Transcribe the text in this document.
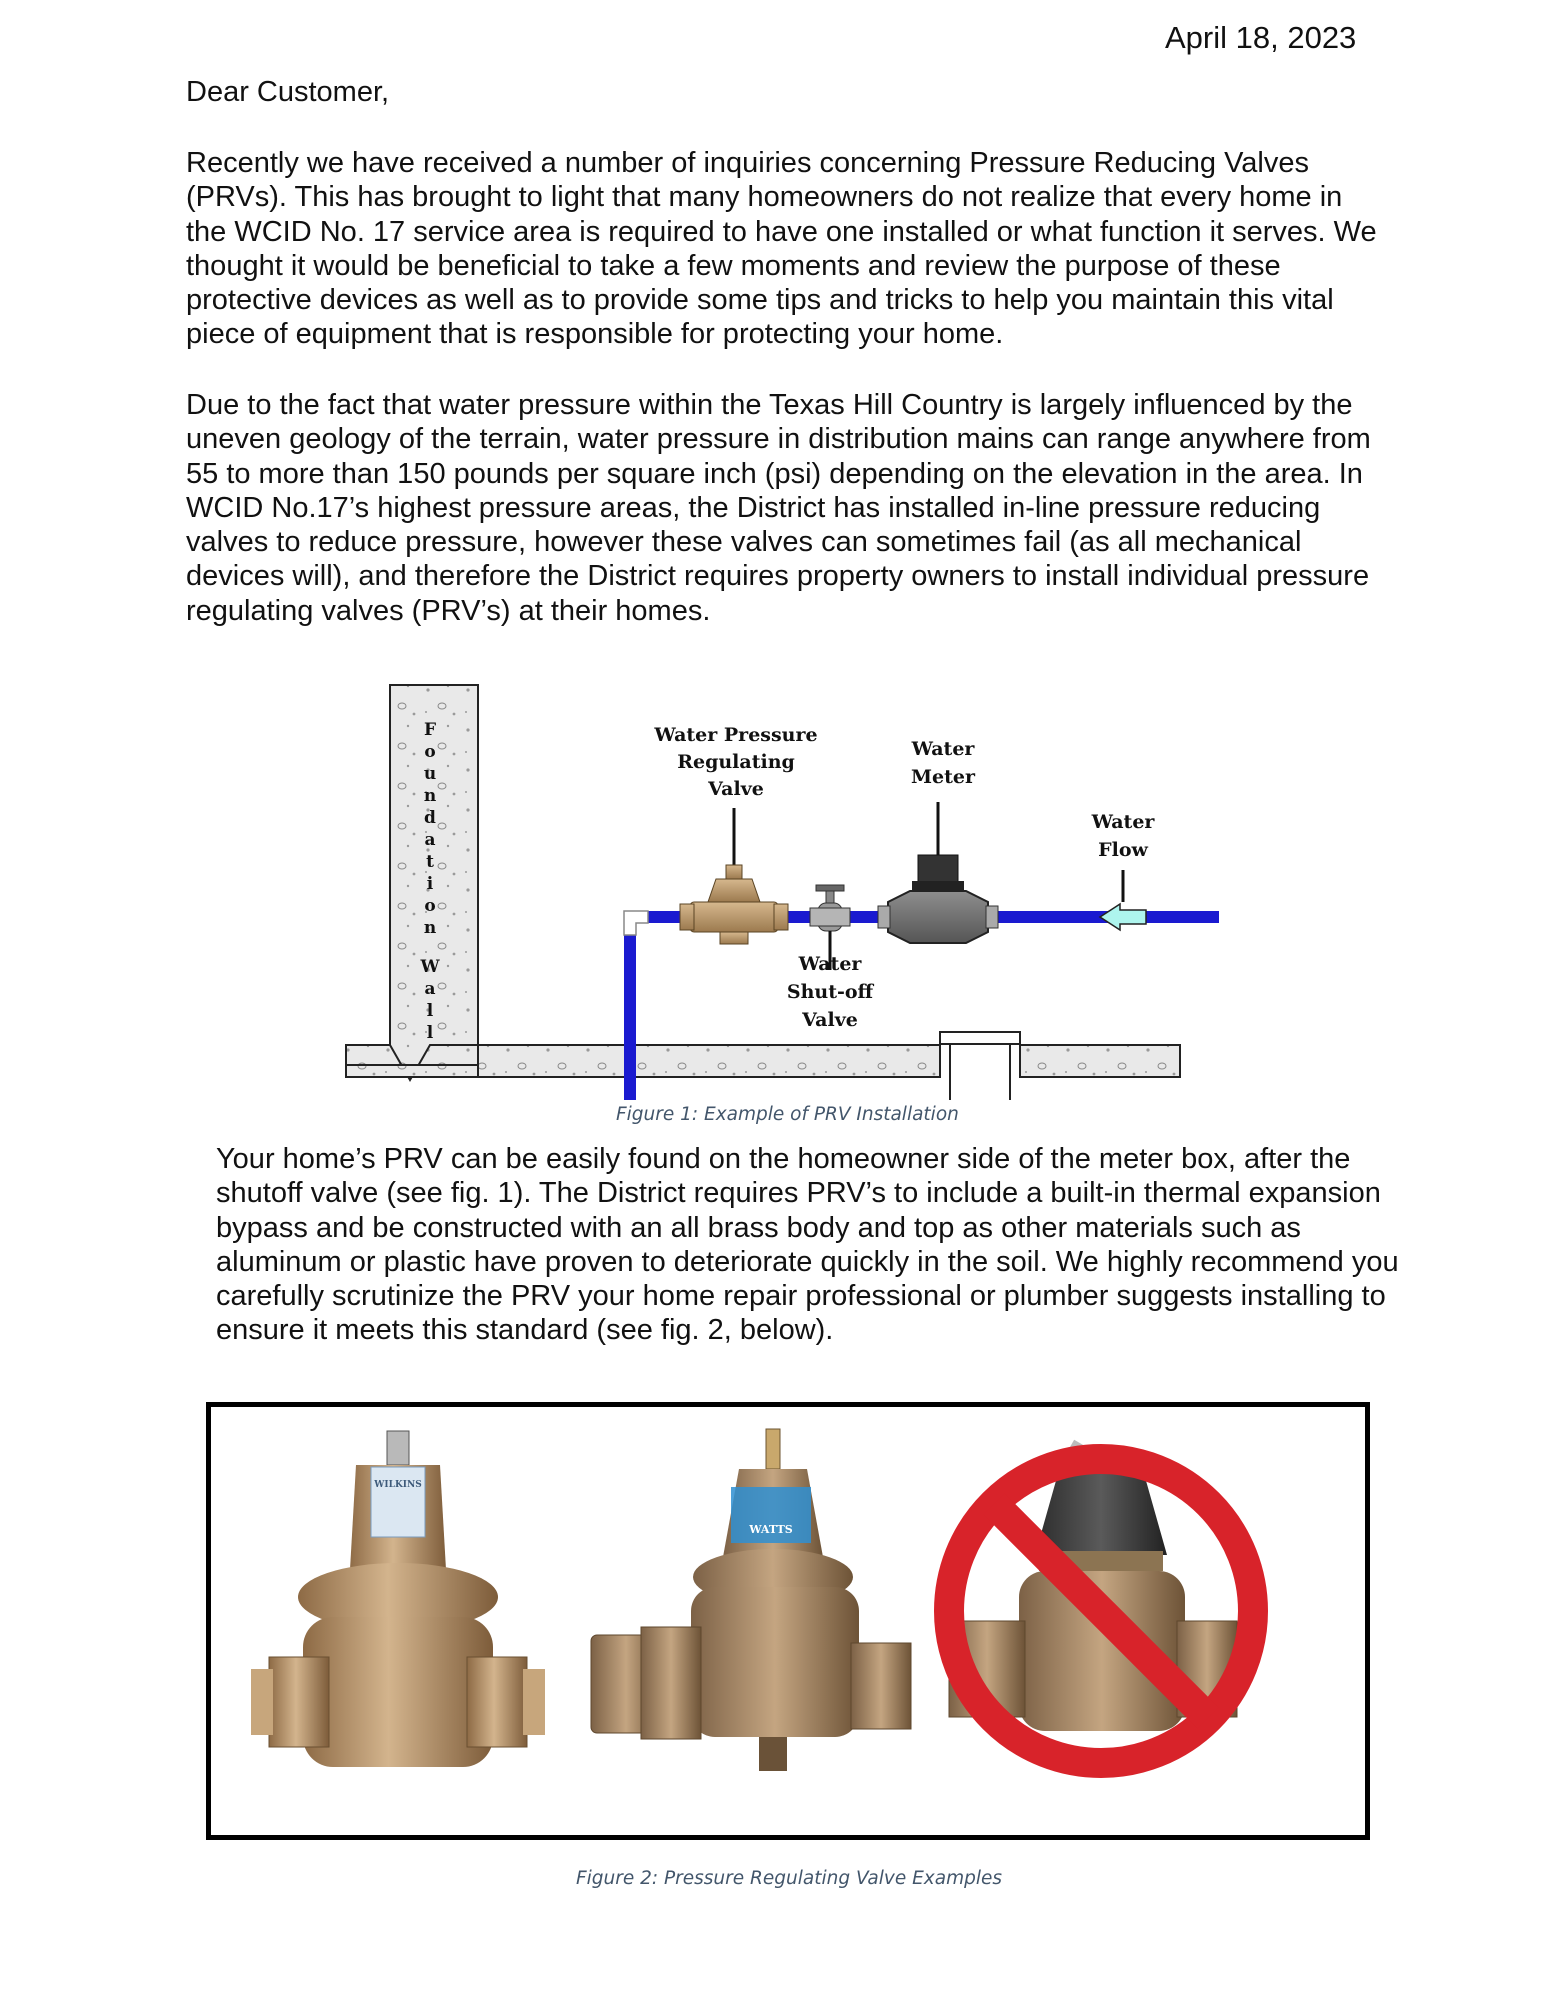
April 18, 2023
Dear Customer,

Recently we have received a number of inquiries concerning Pressure Reducing Valves (PRVs). This has brought to light that many homeowners do not realize that every home in the WCID No. 17 service area is required to have one installed or what function it serves. We thought it would be beneficial to take a few moments and review the purpose of these protective devices as well as to provide some tips and tricks to help you maintain this vital piece of equipment that is responsible for protecting your home.

Due to the fact that water pressure within the Texas Hill Country is largely influenced by the uneven geology of the terrain, water pressure in distribution mains can range anywhere from 55 to more than 150 pounds per square inch (psi) depending on the elevation in the area. In WCID No.17’s highest pressure areas, the District has installed in-line pressure reducing valves to reduce pressure, however these valves can sometimes fail (as all mechanical devices will), and therefore the District requires property owners to install individual pressure regulating valves (PRV’s) at their homes.

F
o
u
n
d
a
t
i
o
n
W
a
l
l
Water Pressure
Regulating
Valve
Water
Meter
Water
Flow
Water
Shut-off
Valve
Figure 1: Example of PRV Installation

Your home’s PRV can be easily found on the homeowner side of the meter box, after the shutoff valve (see fig. 1). The District requires PRV’s to include a built-in thermal expansion bypass and be constructed with an all brass body and top as other materials such as aluminum or plastic have proven to deteriorate quickly in the soil. We highly recommend you carefully scrutinize the PRV your home repair professional or plumber suggests installing to ensure it meets this standard (see fig. 2, below).

WILKINS
WATTS
Figure 2: Pressure Regulating Valve Examples
